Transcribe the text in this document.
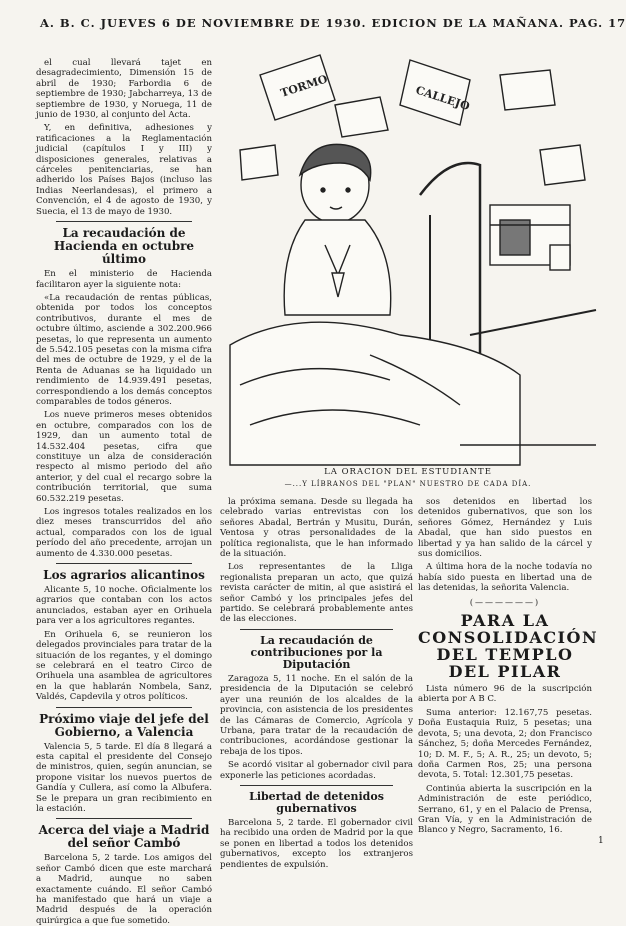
A. B. C. JUEVES 6 DE NOVIEMBRE DE 1930. EDICION DE LA MAÑANA. PAG. 17

el cual llevará tajet en desagradecimiento, Dimensión 15 de abril de 1930; Farbordia 6 de septiembre de 1930; Jabcharreya, 13 de septiembre de 1930, y Noruega, 11 de junio de 1930, al conjunto del Acta.

Y, en definitiva, adhesiones y ratificaciones a la Reglamentación judicial (capítulos I y III) y disposiciones generales, relativas a cárceles penitenciarias, se han adherido los Países Bajos (incluso las Indias Neerlandesas), el primero a Convención, el 4 de agosto de 1930, y Suecia, el 13 de mayo de 1930.

La recaudación de Hacienda en octubre último

En el ministerio de Hacienda facilitaron ayer la siguiente nota:

«La recaudación de rentas públicas, obtenida por todos los conceptos contributivos, durante el mes de octubre último, asciende a 302.200.966 pesetas, lo que representa un aumento de 5.542.105 pesetas con la misma cifra del mes de octubre de 1929, y el de la Renta de Aduanas se ha liquidado un rendimiento de 14.939.491 pesetas, correspondiendo a los demás conceptos comparables de todos géneros.

Los nueve primeros meses obtenidos en octubre, comparados con los de 1929, dan un aumento total de 14.532.404 pesetas, cifra que constituye un alza de consideración respecto al mismo periodo del año anterior, y del cual el recargo sobre la contribución territorial, que suma 60.532.219 pesetas.

Los ingresos totales realizados en los diez meses transcurridos del año actual, comparados con los de igual período del año precedente, arrojan un aumento de 4.330.000 pesetas.

Los agrarios alicantinos

Alicante 5, 10 noche. Oficialmente los agrarios que contaban con los actos anunciados, estaban ayer en Orihuela para ver a los agricultores regantes.

En Orihuela 6, se reunieron los delegados provinciales para tratar de la situación de los regantes, y el domingo se celebrará en el teatro Circo de Orihuela una asamblea de agricultores en la que hablarán Nombela, Sanz, Valdés, Capdevila y otros políticos.

Próximo viaje del jefe del Gobierno, a Valencia

Valencia 5, 5 tarde. El día 8 llegará a esta capital el presidente del Consejo de ministros, quien, según anuncian, se propone visitar los nuevos puertos de Gandía y Cullera, así como la Albufera. Se le prepara un gran recibimiento en la estación.

Acerca del viaje a Madrid del señor Cambó

Barcelona 5, 2 tarde. Los amigos del señor Cambó dicen que este marchará a Madrid, aunque no saben exactamente cuándo. El señor Cambó ha manifestado que hará un viaje a Madrid después de la operación quirúrgica a que fue sometido.

TORMO	CALLEJO
LA ORACION DEL ESTUDIANTE
—...Y LÍBRANOS DEL "PLAN" NUESTRO DE CADA DÍA.

la próxima semana. Desde su llegada ha celebrado varias entrevistas con los señores Abadal, Bertrán y Musitu, Durán, Ventosa y otras personalidades de la política regionalista, que le han informado de la situación.

Los representantes de la Lliga regionalista preparan un acto, que quizá revista carácter de mitin, al que asistirá el señor Cambó y los principales jefes del partido. Se celebrará probablemente antes de las elecciones.

La recaudación de contribuciones por la Diputación

Zaragoza 5, 11 noche. En el salón de la presidencia de la Diputación se celebró ayer una reunión de los alcaldes de la provincia, con asistencia de los presidentes de las Cámaras de Comercio, Agrícola y Urbana, para tratar de la recaudación de contribuciones, acordándose gestionar la rebaja de los tipos.

Se acordó visitar al gobernador civil para exponerle las peticiones acordadas.

Libertad de detenidos gubernativos

Barcelona 5, 2 tarde. El gobernador civil ha recibido una orden de Madrid por la que se ponen en libertad a todos los detenidos gubernativos, excepto los extranjeros pendientes de expulsión.

sos detenidos en libertad los detenidos gubernativos, que son los señores Gómez, Hernández y Luis Abadal, que han sido puestos en libertad y ya han salido de la cárcel y sus domicilios.

A última hora de la noche todavía no había sido puesta en libertad una de las detenidas, la señorita Valencia.

(——————)
PARA LA CONSOLIDACIÓN DEL TEMPLO DEL PILAR

Lista número 96 de la suscripción abierta por A B C.

Suma anterior: 12.167,75 pesetas. Doña Eustaquia Ruiz, 5 pesetas; una devota, 5; una devota, 2; don Francisco Sánchez, 5; doña Mercedes Fernández, 10; D. M. F., 5; A. R., 25; un devoto, 5; doña Carmen Ros, 25; una persona devota, 5. Total: 12.301,75 pesetas.

Continúa abierta la suscripción en la Administración de este periódico, Serrano, 61, y en el Palacio de Prensa, Gran Vía, y en la Administración de Blanco y Negro, Sacramento, 16.

1
